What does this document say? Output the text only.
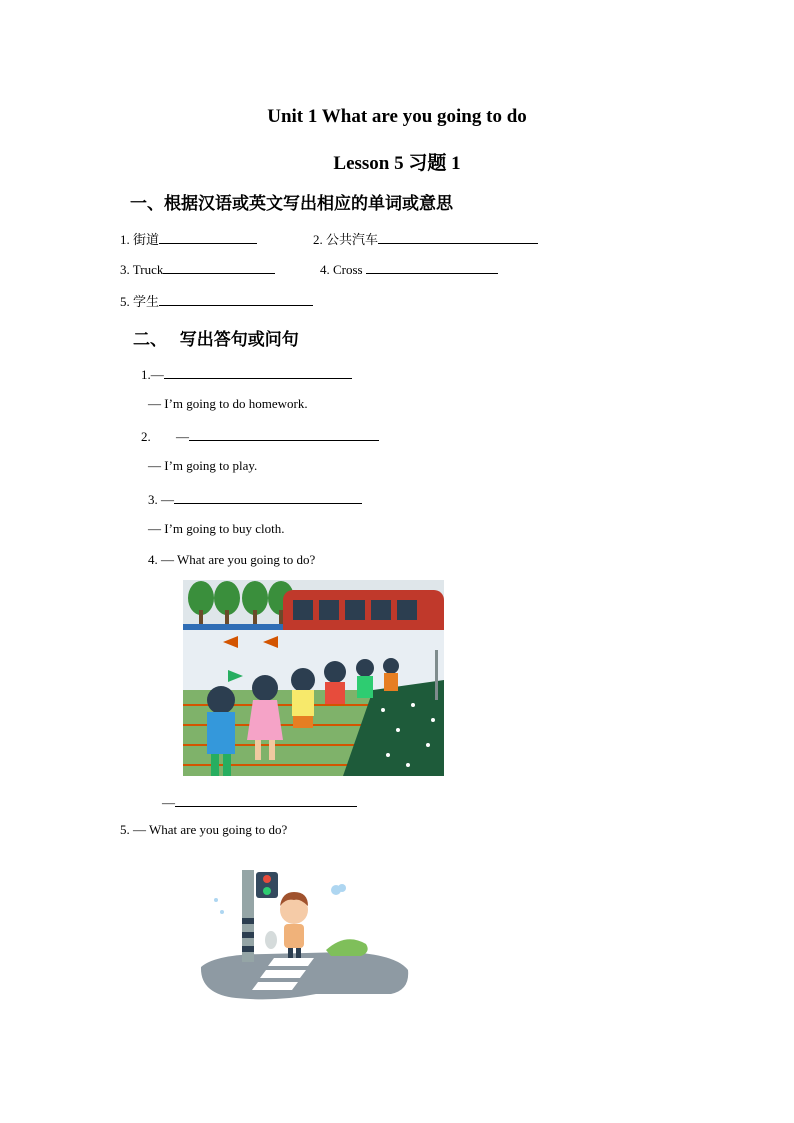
Unit 1 What are you going to do
Lesson 5 习题 1
一、根据汉语或英文写出相应的单词或意思
1. 街道	2. 公共汽车
3. Truck	4. Cross
5. 学生
二、   写出答句或问句
1.—
— I’m going to do homework.
2. —
— I’m going to play.
3. —
— I’m going to buy cloth.
4. — What are you going to do?
—
5. — What are you going to do?
